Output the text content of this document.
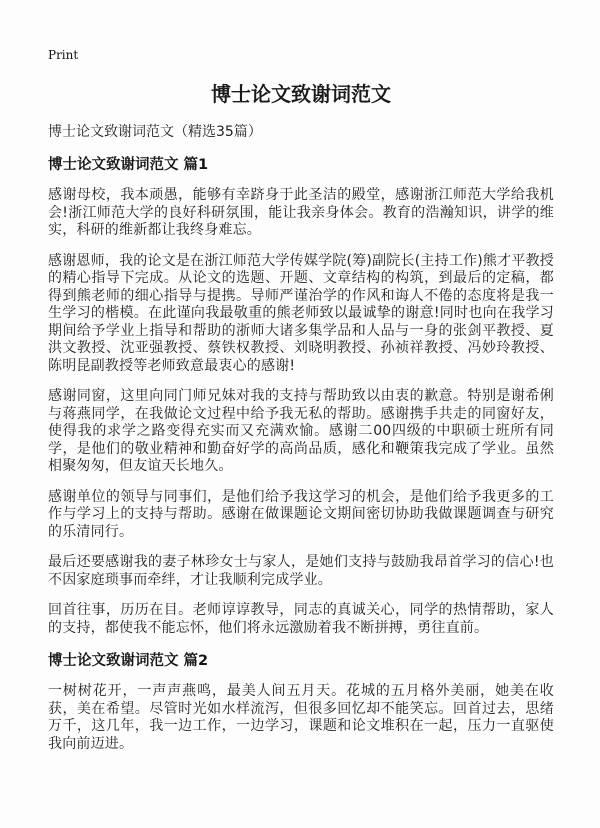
Print
博士论文致谢词范文
博士论文致谢词范文（精选35篇）
博士论文致谢词范文 篇1

感谢母校，我本顽愚，能够有幸跻身于此圣洁的殿堂，感谢浙江师范大学给我机会!浙江师范大学的良好科研氛围，能让我亲身体会。教育的浩瀚知识，讲学的维实，科研的维新都让我终身难忘。

感谢恩师，我的论文是在浙江师范大学传媒学院(筹)副院长(主持工作)熊才平教授的精心指导下完成。从论文的选题、开题、文章结构的构筑，到最后的定稿，都得到熊老师的细心指导与提携。导师严谨治学的作风和诲人不倦的态度将是我一生学习的楷模。在此谨向我最敬重的熊老师致以最诚挚的谢意!同时也向在我学习期间给予学业上指导和帮助的浙师大诸多集学品和人品与一身的张剑平教授、夏洪文教授、沈亚强教授、蔡铁权教授、刘晓明教授、孙祯祥教授、冯妙玲教授、陈明昆副教授等老师致意最衷心的感谢!

感谢同窗，这里向同门师兄妹对我的支持与帮助致以由衷的歉意。特别是谢希俐与蒋燕同学，在我做论文过程中给予我无私的帮助。感谢携手共走的同窗好友，使得我的求学之路变得充实而又充满欢愉。感谢二00四级的中职硕士班所有同学，是他们的敬业精神和勤奋好学的高尚品质，感化和鞭策我完成了学业。虽然相聚匆匆，但友谊天长地久。

感谢单位的领导与同事们，是他们给予我这学习的机会，是他们给予我更多的工作与学习上的支持与帮助。感谢在做课题论文期间密切协助我做课题调查与研究的乐清同行。

最后还要感谢我的妻子林珍女士与家人，是她们支持与鼓励我昂首学习的信心!也不因家庭琐事而牵绊，才让我顺利完成学业。

回首往事，历历在目。老师谆谆教导，同志的真诚关心，同学的热情帮助，家人的支持，都使我不能忘怀，他们将永远激励着我不断拼搏，勇往直前。

博士论文致谢词范文 篇2

一树树花开，一声声燕鸣，最美人间五月天。花城的五月格外美丽，她美在收获，美在希望。尽管时光如水样流泻，但很多回忆却不能笑忘。回首过去，思绪万千，这几年，我一边工作，一边学习，课题和论文堆积在一起，压力一直驱使我向前迈进。
